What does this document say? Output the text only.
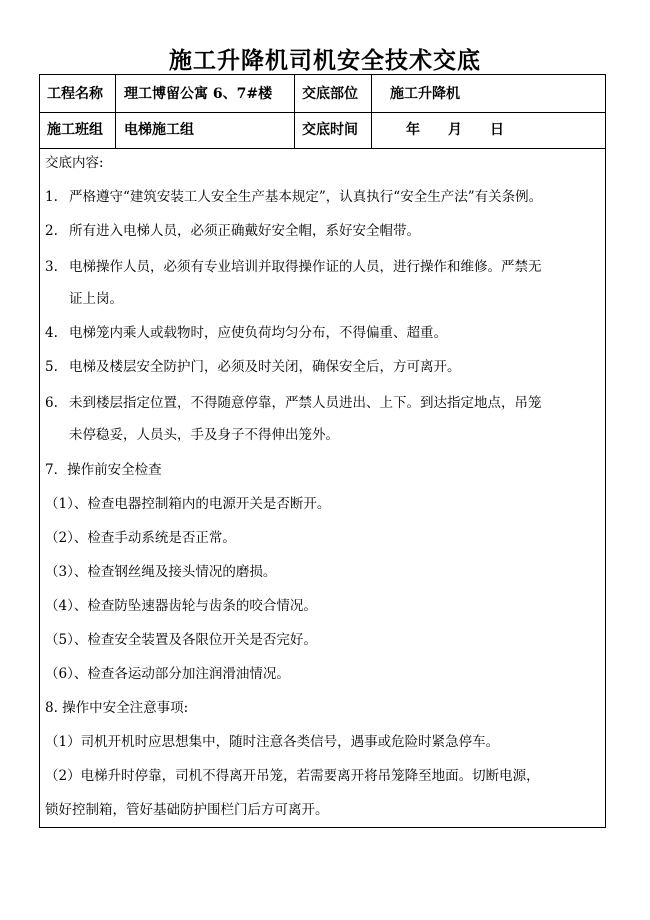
施工升降机司机安全技术交底
工程名称 理工博留公寓 6、7#楼 交底部位 施工升降机
施工班组 电梯施工组	交底时间	年　　月　　日
交底内容:
1. 严格遵守“建筑安装工人安全生产基本规定”，认真执行“安全生产法”有关条例。
2. 所有进入电梯人员，必须正确戴好安全帽，系好安全帽带。
3. 电梯操作人员，必须有专业培训并取得操作证的人员，进行操作和维修。严禁无
证上岗。
4. 电梯笼内乘人或载物时，应使负荷均匀分布，不得偏重、超重。
5. 电梯及楼层安全防护门，必须及时关闭，确保安全后，方可离开。
6. 未到楼层指定位置，不得随意停靠，严禁人员进出、上下。到达指定地点，吊笼
未停稳妥，人员头，手及身子不得伸出笼外。
7．操作前安全检查
（1）、检查电器控制箱内的电源开关是否断开。
（2）、检查手动系统是否正常。
（3）、检查钢丝绳及接头情况的磨损。
（4）、检查防坠速器齿轮与齿条的咬合情况。
（5）、检查安全装置及各限位开关是否完好。
（6）、检查各运动部分加注润滑油情况。
8. 操作中安全注意事项:
（1）司机开机时应思想集中，随时注意各类信号，遇事或危险时紧急停车。
（2）电梯升时停靠，司机不得离开吊笼，若需要离开将吊笼降至地面。切断电源，
锁好控制箱，管好基础防护围栏门后方可离开。
